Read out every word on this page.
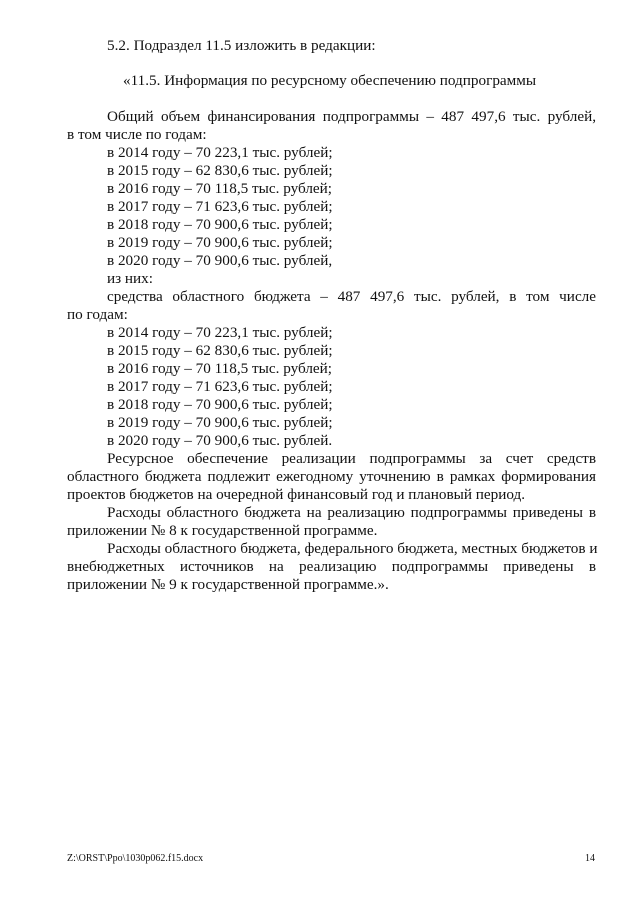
5.2. Подраздел 11.5 изложить в редакции:
«11.5. Информация по ресурсному обеспечению подпрограммы
Общий объем финансирования подпрограммы – 487 497,6 тыс. рублей,
в том числе по годам:
в 2014 году – 70 223,1 тыс. рублей;
в 2015 году – 62 830,6 тыс. рублей;
в 2016 году – 70 118,5 тыс. рублей;
в 2017 году – 71 623,6 тыс. рублей;
в 2018 году – 70 900,6 тыс. рублей;
в 2019 году – 70 900,6 тыс. рублей;
в 2020 году – 70 900,6 тыс. рублей,
из них:
средства областного бюджета – 487 497,6 тыс. рублей, в том числе
по годам:
в 2014 году – 70 223,1 тыс. рублей;
в 2015 году – 62 830,6 тыс. рублей;
в 2016 году – 70 118,5 тыс. рублей;
в 2017 году – 71 623,6 тыс. рублей;
в 2018 году – 70 900,6 тыс. рублей;
в 2019 году – 70 900,6 тыс. рублей;
в 2020 году – 70 900,6 тыс. рублей.
Ресурсное обеспечение реализации подпрограммы за счет средств
областного бюджета подлежит ежегодному уточнению в рамках формирования
проектов бюджетов на очередной финансовый год и плановый период.
Расходы областного бюджета на реализацию подпрограммы приведены в
приложении № 8 к государственной программе.
Расходы областного бюджета, федерального бюджета, местных бюджетов и
внебюджетных источников на реализацию подпрограммы приведены в
приложении № 9 к государственной программе.».
Z:\ORST\Ppo\1030p062.f15.docx	14
